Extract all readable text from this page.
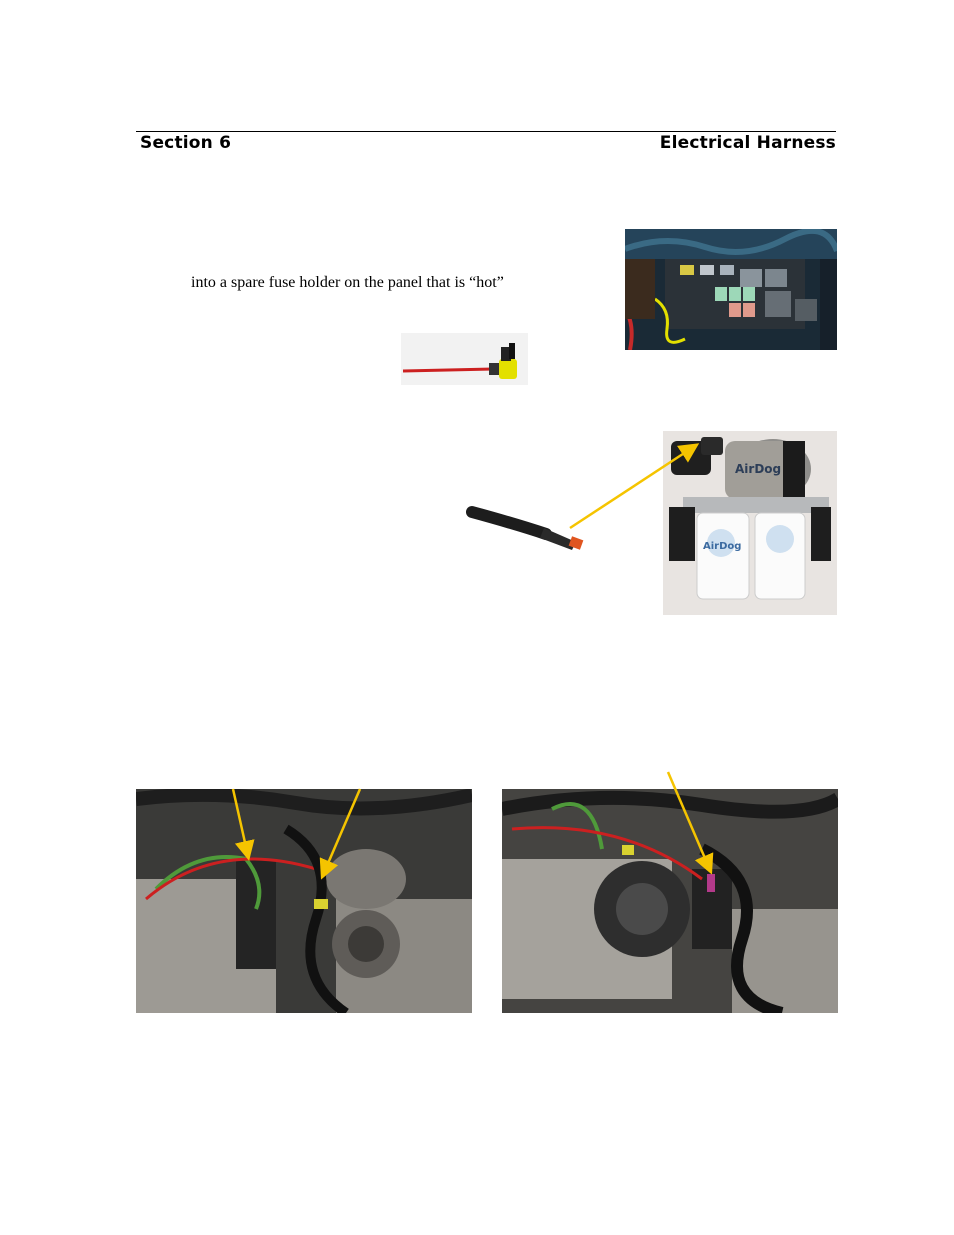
Section 6	Electrical Harness
into a spare fuse holder on the panel that is “hot”
AirDog
AirDog
